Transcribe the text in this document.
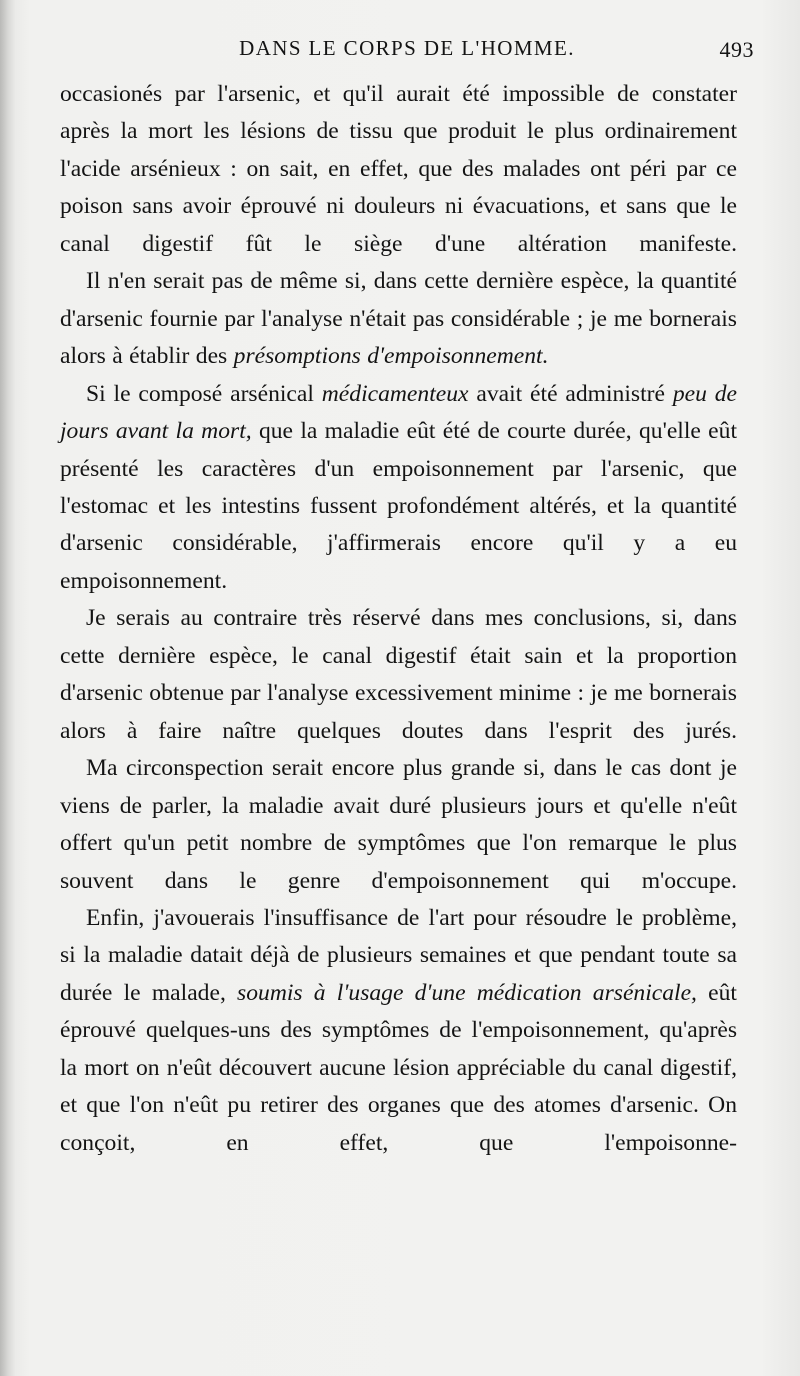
DANS LE CORPS DE L'HOMME.	493

occasionés par l'arsenic, et qu'il aurait été impossible de constater après la mort les lésions de tissu que produit le plus ordinairement l'acide arsénieux : on sait, en effet, que des malades ont péri par ce poison sans avoir éprouvé ni douleurs ni évacuations, et sans que le canal digestif fût le siège d'une altération manifeste.

Il n'en serait pas de même si, dans cette dernière espèce, la quantité d'arsenic fournie par l'analyse n'était pas considérable ; je me bornerais alors à établir des présomptions d'empoisonnement.

Si le composé arsénical médicamenteux avait été administré peu de jours avant la mort, que la maladie eût été de courte durée, qu'elle eût présenté les caractères d'un empoisonnement par l'arsenic, que l'estomac et les intestins fussent profondément altérés, et la quantité d'arsenic considérable, j'affirmerais encore qu'il y a eu empoisonnement.

Je serais au contraire très réservé dans mes conclusions, si, dans cette dernière espèce, le canal digestif était sain et la proportion d'arsenic obtenue par l'analyse excessivement minime : je me bornerais alors à faire naître quelques doutes dans l'esprit des jurés.

Ma circonspection serait encore plus grande si, dans le cas dont je viens de parler, la maladie avait duré plusieurs jours et qu'elle n'eût offert qu'un petit nombre de symptômes que l'on remarque le plus souvent dans le genre d'empoisonnement qui m'occupe.

Enfin, j'avouerais l'insuffisance de l'art pour résoudre le problème, si la maladie datait déjà de plusieurs semaines et que pendant toute sa durée le malade, soumis à l'usage d'une médication arsénicale, eût éprouvé quelques-uns des symptômes de l'empoisonnement, qu'après la mort on n'eût découvert aucune lésion appréciable du canal digestif, et que l'on n'eût pu retirer des organes que des atomes d'arsenic. On conçoit, en effet, que l'empoisonne-
